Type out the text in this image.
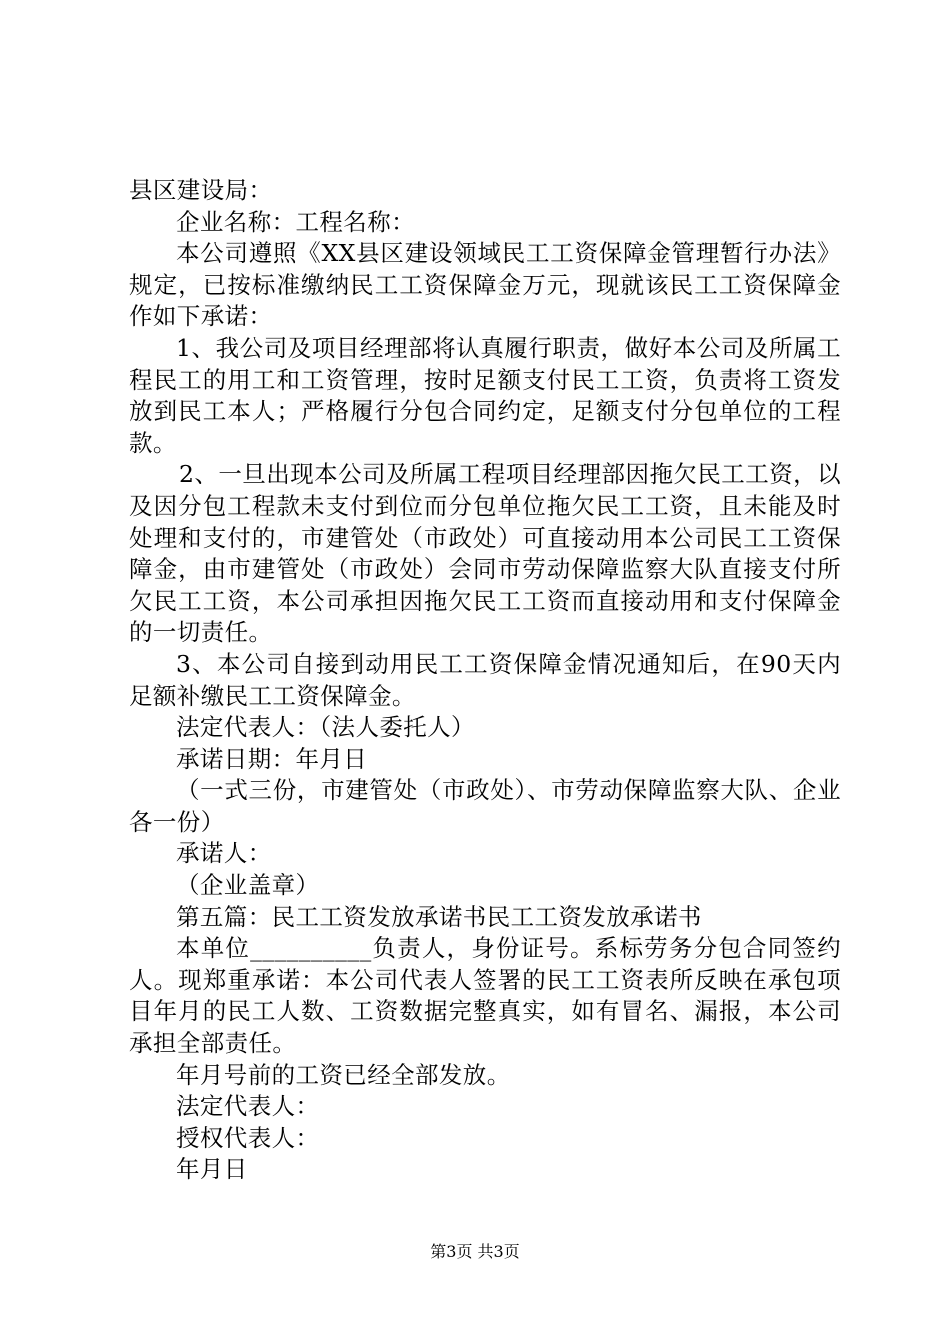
县区建设局：

企业名称：工程名称：

本公司遵照《XX县区建设领域民工工资保障金管理暂行办法》规定，已按标准缴纳民工工资保障金万元，现就该民工工资保障金作如下承诺：

1、我公司及项目经理部将认真履行职责，做好本公司及所属工程民工的用工和工资管理，按时足额支付民工工资，负责将工资发放到民工本人；严格履行分包合同约定，足额支付分包单位的工程款。

2、一旦出现本公司及所属工程项目经理部因拖欠民工工资，以及因分包工程款未支付到位而分包单位拖欠民工工资，且未能及时处理和支付的，市建管处（市政处）可直接动用本公司民工工资保障金，由市建管处（市政处）会同市劳动保障监察大队直接支付所欠民工工资，本公司承担因拖欠民工工资而直接动用和支付保障金的一切责任。

3、本公司自接到动用民工工资保障金情况通知后，在90天内足额补缴民工工资保障金。

法定代表人：（法人委托人）

承诺日期：年月日

（一式三份，市建管处（市政处）、市劳动保障监察大队、企业各一份）

承诺人：

（企业盖章）

第五篇：民工工资发放承诺书民工工资发放承诺书

本单位__________负责人，身份证号。系标劳务分包合同签约人。现郑重承诺：本公司代表人签署的民工工资表所反映在承包项目年月的民工人数、工资数据完整真实，如有冒名、漏报，本公司承担全部责任。

年月号前的工资已经全部发放。

法定代表人：

授权代表人：

年月日

第3页 共3页
